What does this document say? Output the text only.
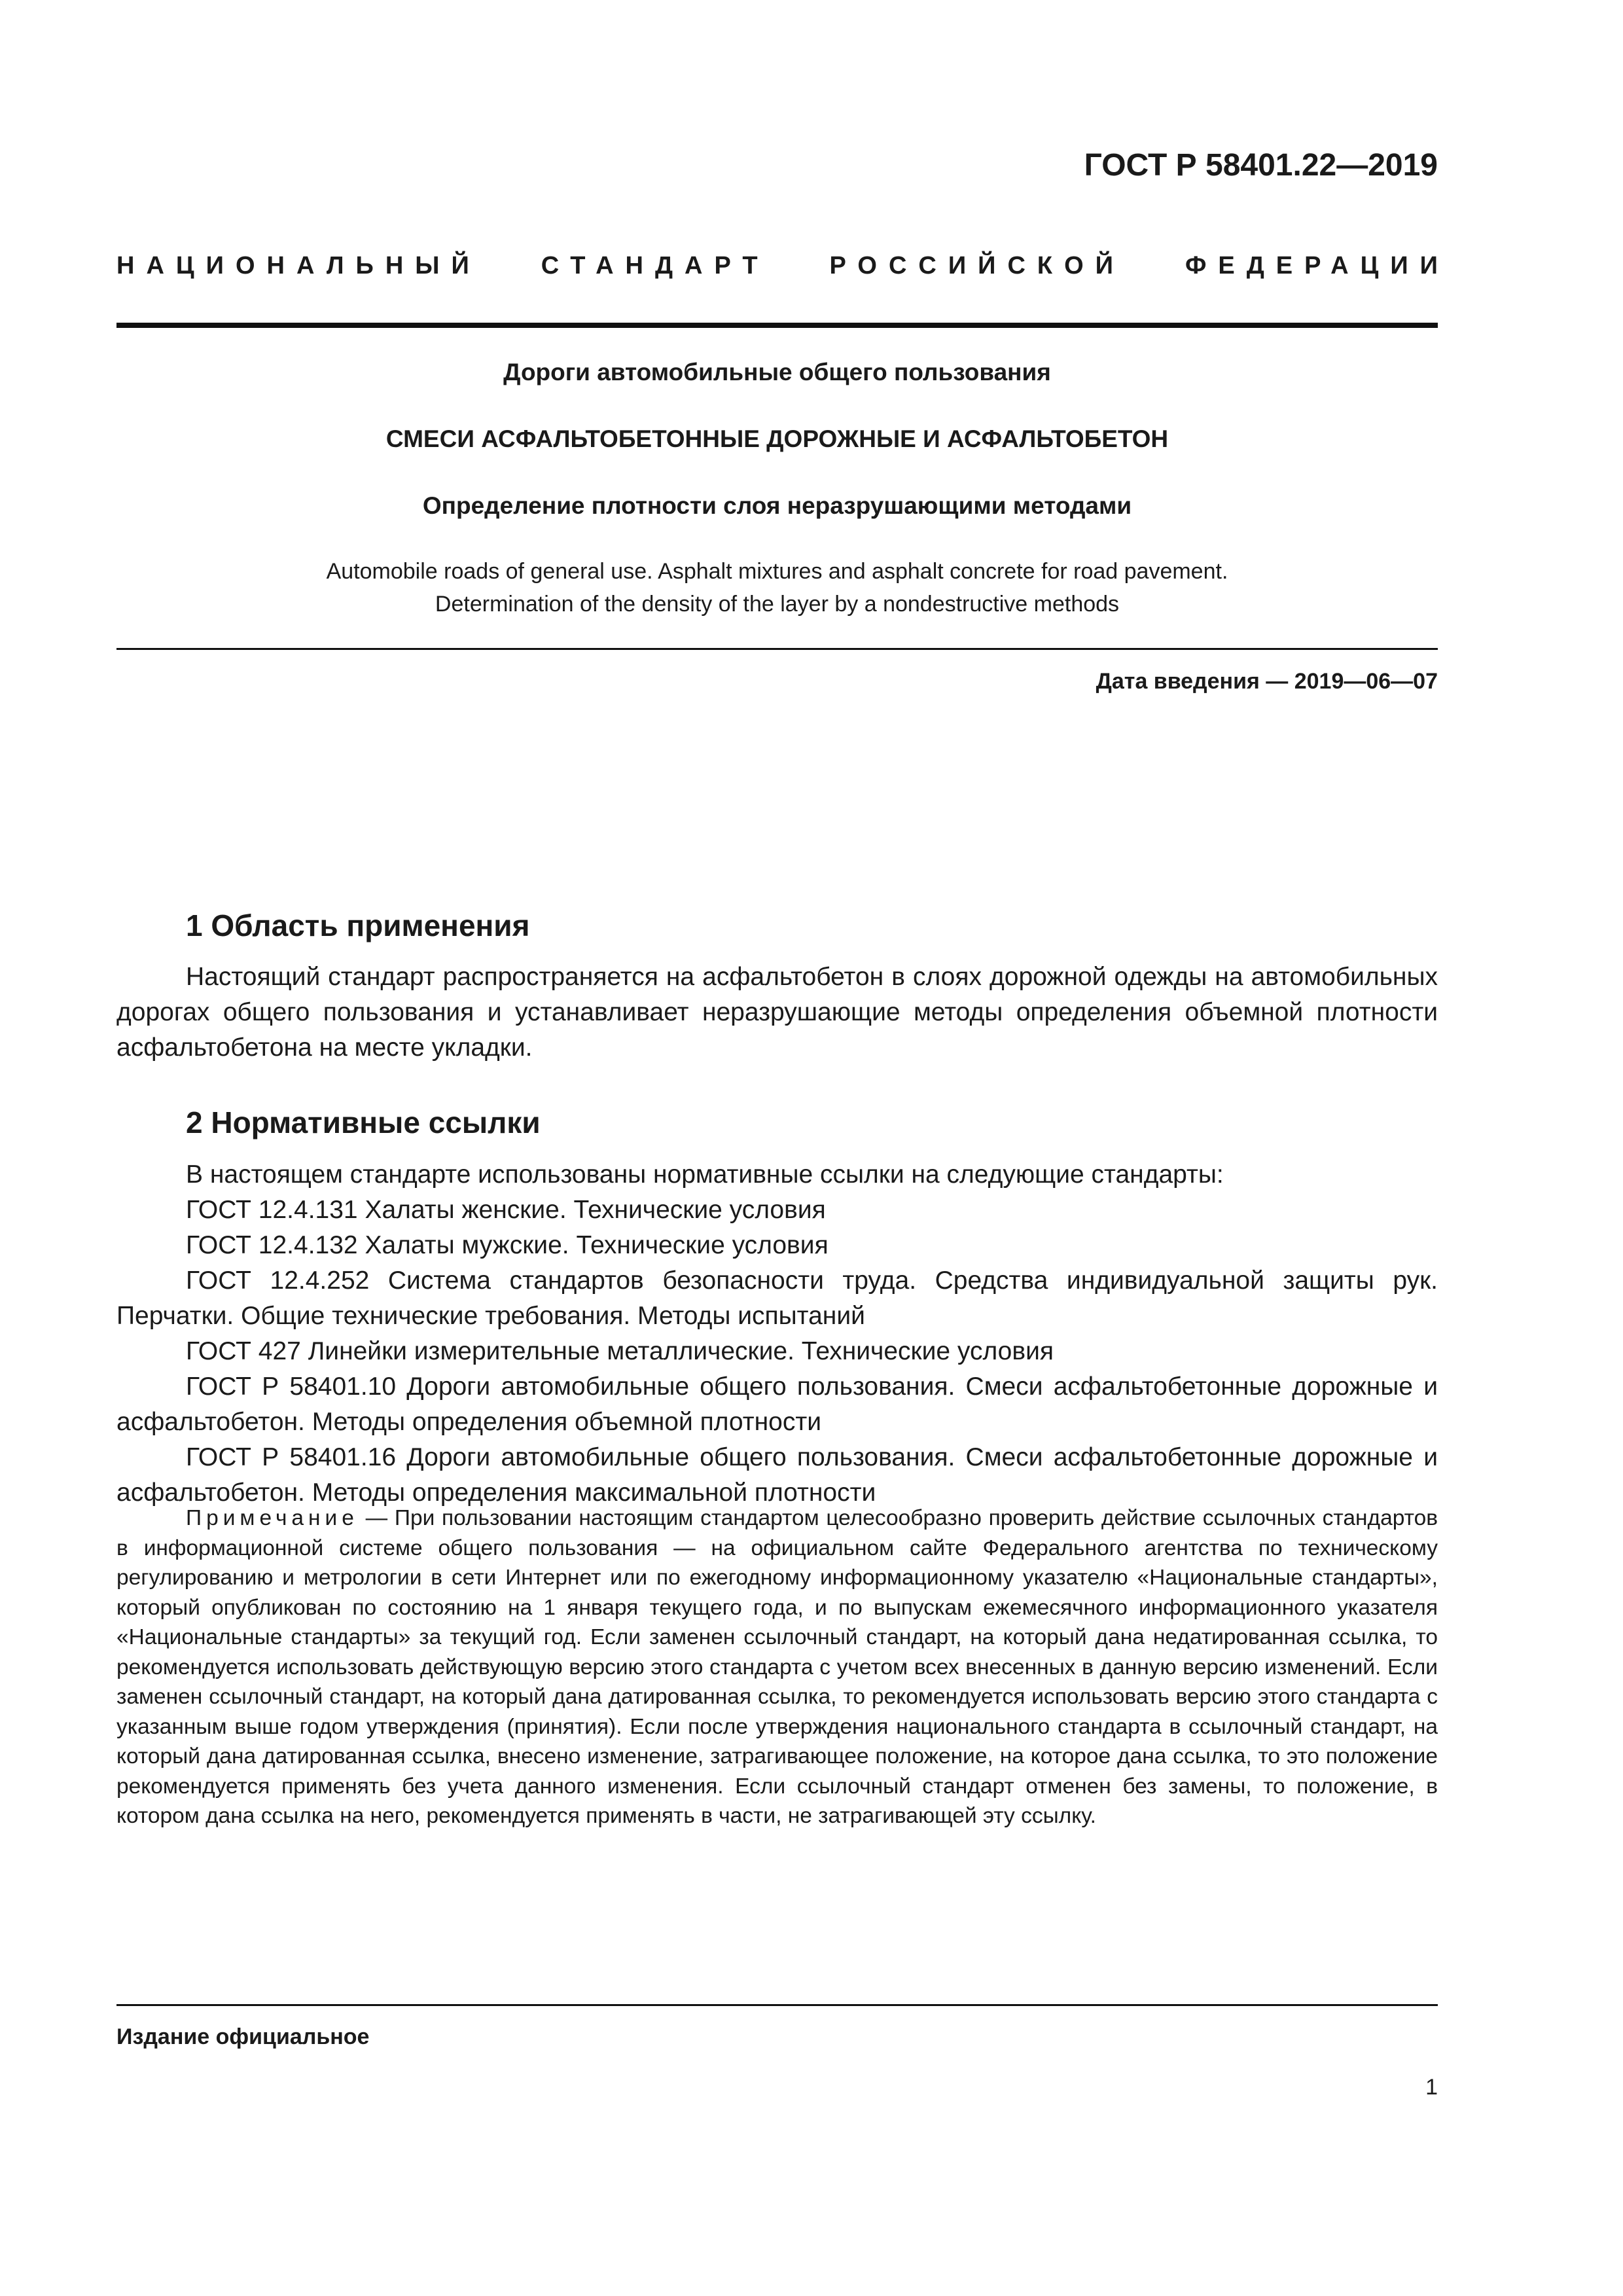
ГОСТ Р 58401.22—2019
НАЦИОНАЛЬНЫЙ СТАНДАРТ РОССИЙСКОЙ ФЕДЕРАЦИИ
Дороги автомобильные общего пользования
СМЕСИ АСФАЛЬТОБЕТОННЫЕ ДОРОЖНЫЕ И АСФАЛЬТОБЕТОН
Определение плотности слоя неразрушающими методами
Automobile roads of general use. Asphalt mixtures and asphalt concrete for road pavement.
Determination of the density of the layer by a nondestructive methods
Дата введения — 2019—06—07
1 Область применения

Настоящий стандарт распространяется на асфальтобетон в слоях дорожной одежды на автомобильных дорогах общего пользования и устанавливает неразрушающие методы определения объемной плотности асфальтобетона на месте укладки.

2 Нормативные ссылки

В настоящем стандарте использованы нормативные ссылки на следующие стандарты:

ГОСТ 12.4.131 Халаты женские. Технические условия

ГОСТ 12.4.132 Халаты мужские. Технические условия

ГОСТ 12.4.252 Система стандартов безопасности труда. Средства индивидуальной защиты рук. Перчатки. Общие технические требования. Методы испытаний

ГОСТ 427 Линейки измерительные металлические. Технические условия

ГОСТ Р 58401.10 Дороги автомобильные общего пользования. Смеси асфальтобетонные дорожные и асфальтобетон. Методы определения объемной плотности

ГОСТ Р 58401.16 Дороги автомобильные общего пользования. Смеси асфальтобетонные дорожные и асфальтобетон. Методы определения максимальной плотности

Примечание — При пользовании настоящим стандартом целесообразно проверить действие ссылочных стандартов в информационной системе общего пользования — на официальном сайте Федерального агентства по техническому регулированию и метрологии в сети Интернет или по ежегодному информационному указателю «Национальные стандарты», который опубликован по состоянию на 1 января текущего года, и по выпускам ежемесячного информационного указателя «Национальные стандарты» за текущий год. Если заменен ссылочный стандарт, на который дана недатированная ссылка, то рекомендуется использовать действующую версию этого стандарта с учетом всех внесенных в данную версию изменений. Если заменен ссылочный стандарт, на который дана датированная ссылка, то рекомендуется использовать версию этого стандарта с указанным выше годом утверждения (принятия). Если после утверждения национального стандарта в ссылочный стандарт, на который дана датированная ссылка, внесено изменение, затрагивающее положение, на которое дана ссылка, то это положение рекомендуется применять без учета данного изменения. Если ссылочный стандарт отменен без замены, то положение, в котором дана ссылка на него, рекомендуется применять в части, не затрагивающей эту ссылку.

Издание официальное
1
